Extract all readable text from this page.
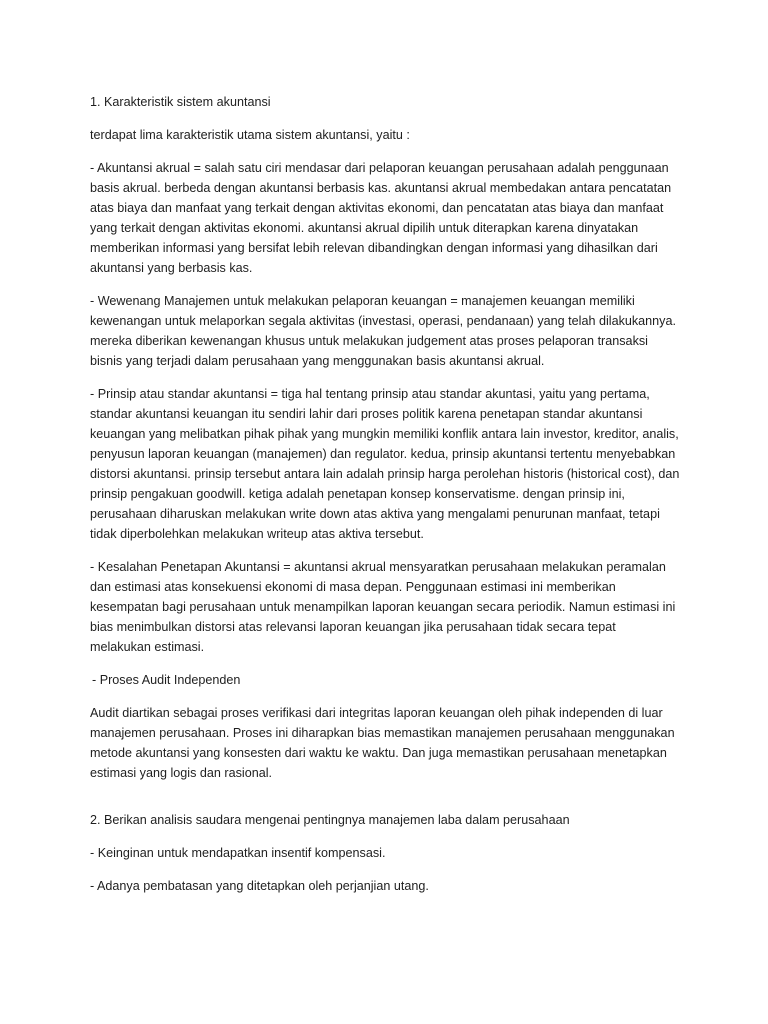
1. Karakteristik sistem akuntansi

terdapat lima karakteristik utama sistem akuntansi, yaitu :

- Akuntansi akrual = salah satu ciri mendasar dari pelaporan keuangan perusahaan adalah penggunaan basis akrual. berbeda dengan akuntansi berbasis kas. akuntansi akrual membedakan antara pencatatan atas biaya dan manfaat yang terkait dengan aktivitas ekonomi, dan pencatatan atas biaya dan manfaat yang terkait dengan aktivitas ekonomi. akuntansi akrual dipilih untuk diterapkan karena dinyatakan memberikan informasi yang bersifat lebih relevan dibandingkan dengan informasi yang dihasilkan dari akuntansi yang berbasis kas.

- Wewenang Manajemen untuk melakukan pelaporan keuangan = manajemen keuangan memiliki kewenangan untuk melaporkan segala aktivitas (investasi, operasi, pendanaan) yang telah dilakukannya. mereka diberikan kewenangan khusus untuk melakukan judgement atas proses pelaporan transaksi bisnis yang terjadi dalam perusahaan yang menggunakan basis akuntansi akrual.

- Prinsip atau standar akuntansi = tiga hal tentang prinsip atau standar akuntasi, yaitu yang pertama, standar akuntansi keuangan itu sendiri lahir dari proses politik karena penetapan standar akuntansi keuangan yang melibatkan pihak pihak yang mungkin memiliki konflik antara lain investor, kreditor, analis, penyusun laporan keuangan (manajemen) dan regulator. kedua, prinsip akuntansi tertentu menyebabkan distorsi akuntansi. prinsip tersebut antara lain adalah prinsip harga perolehan historis (historical cost), dan prinsip pengakuan goodwill. ketiga adalah penetapan konsep konservatisme. dengan prinsip ini, perusahaan diharuskan melakukan write down atas aktiva yang mengalami penurunan manfaat, tetapi tidak diperbolehkan melakukan writeup atas aktiva tersebut.

- Kesalahan Penetapan Akuntansi = akuntansi akrual mensyaratkan perusahaan melakukan peramalan dan estimasi atas konsekuensi ekonomi di masa depan. Penggunaan estimasi ini memberikan kesempatan bagi perusahaan untuk menampilkan laporan keuangan secara periodik. Namun estimasi ini bias menimbulkan distorsi atas relevansi laporan keuangan jika perusahaan tidak secara tepat melakukan estimasi.

- Proses Audit Independen

Audit diartikan sebagai proses verifikasi dari integritas laporan keuangan oleh pihak independen di luar manajemen perusahaan. Proses ini diharapkan bias memastikan manajemen perusahaan menggunakan metode akuntansi yang konsesten dari waktu ke waktu. Dan juga memastikan perusahaan menetapkan estimasi yang logis dan rasional.

2. Berikan analisis saudara mengenai pentingnya manajemen laba dalam perusahaan

- Keinginan untuk mendapatkan insentif kompensasi.

- Adanya pembatasan yang ditetapkan oleh perjanjian utang.
